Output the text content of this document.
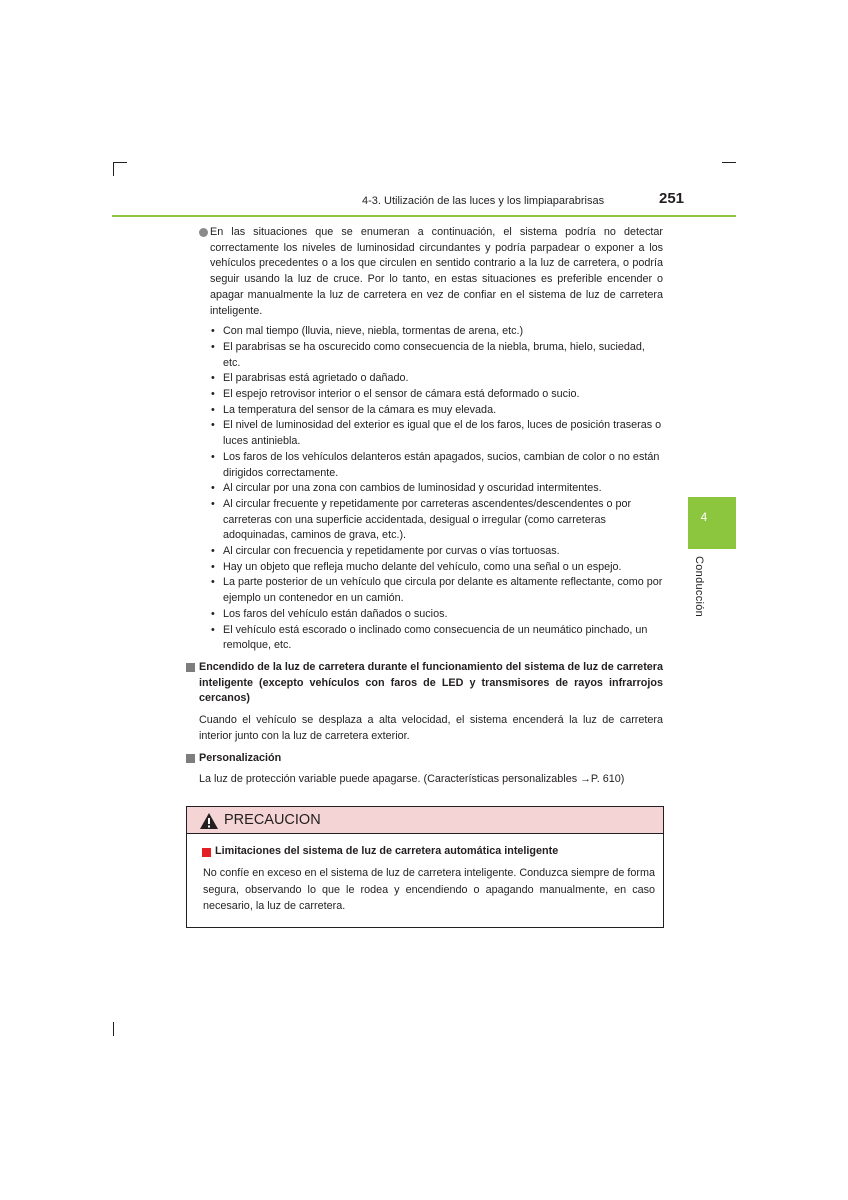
4-3. Utilización de las luces y los limpiaparabrisas	251
4
Conducción
En las situaciones que se enumeran a continuación, el sistema podría no detectar correctamente los niveles de luminosidad circundantes y podría parpadear o exponer a los vehículos precedentes o a los que circulen en sentido contrario a la luz de carretera, o podría seguir usando la luz de cruce. Por lo tanto, en estas situaciones es preferible encender o apagar manualmente la luz de carretera en vez de confiar en el sistema de luz de carretera inteligente.
• Con mal tiempo (lluvia, nieve, niebla, tormentas de arena, etc.)
• El parabrisas se ha oscurecido como consecuencia de la niebla, bruma, hielo, suciedad, etc.
• El parabrisas está agrietado o dañado.
• El espejo retrovisor interior o el sensor de cámara está deformado o sucio.
• La temperatura del sensor de la cámara es muy elevada.
• El nivel de luminosidad del exterior es igual que el de los faros, luces de posición traseras o luces antiniebla.
• Los faros de los vehículos delanteros están apagados, sucios, cambian de color o no están dirigidos correctamente.
• Al circular por una zona con cambios de luminosidad y oscuridad intermitentes.
• Al circular frecuente y repetidamente por carreteras ascendentes/descendentes o por carreteras con una superficie accidentada, desigual o irregular (como carreteras adoquinadas, caminos de grava, etc.).
• Al circular con frecuencia y repetidamente por curvas o vías tortuosas.
• Hay un objeto que refleja mucho delante del vehículo, como una señal o un espejo.
• La parte posterior de un vehículo que circula por delante es altamente reflectante, como por ejemplo un contenedor en un camión.
• Los faros del vehículo están dañados o sucios.
• El vehículo está escorado o inclinado como consecuencia de un neumático pinchado, un remolque, etc.
Encendido de la luz de carretera durante el funcionamiento del sistema de luz de carretera inteligente (excepto vehículos con faros de LED y transmisores de rayos infrarrojos cercanos)
Cuando el vehículo se desplaza a alta velocidad, el sistema encenderá la luz de carretera interior junto con la luz de carretera exterior.
Personalización
La luz de protección variable puede apagarse. (Características personalizables →P. 610)
PRECAUCION
Limitaciones del sistema de luz de carretera automática inteligente
No confíe en exceso en el sistema de luz de carretera inteligente. Conduzca siempre de forma segura, observando lo que le rodea y encendiendo o apagando manualmente, en caso necesario, la luz de carretera.
